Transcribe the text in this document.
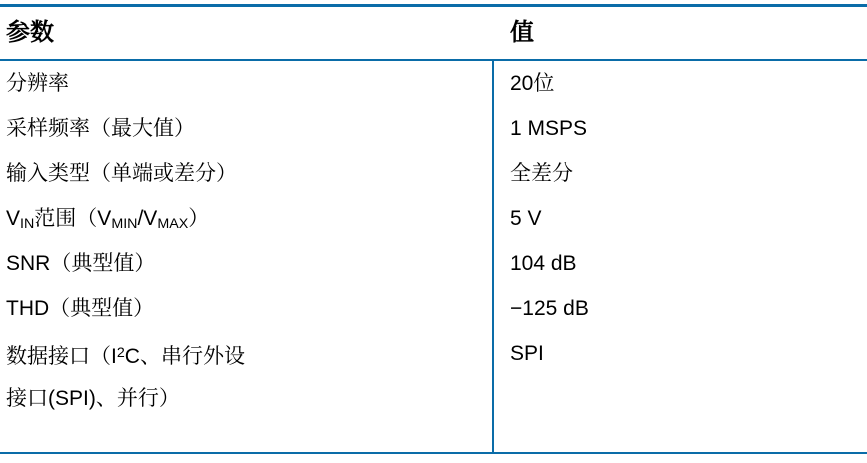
参数	值
分辨率	20位
采样频率（最大值）	1 MSPS
输入类型（单端或差分）	全差分
$V_{IN}$范围$(V_{MIN}/V_{MAX})$	5 V
SNR（典型值）	104 dB
THD（典型值）	−125 dB
数据接口（$I^2C$、串行外设	SPI
接口(SPI)、并行）
